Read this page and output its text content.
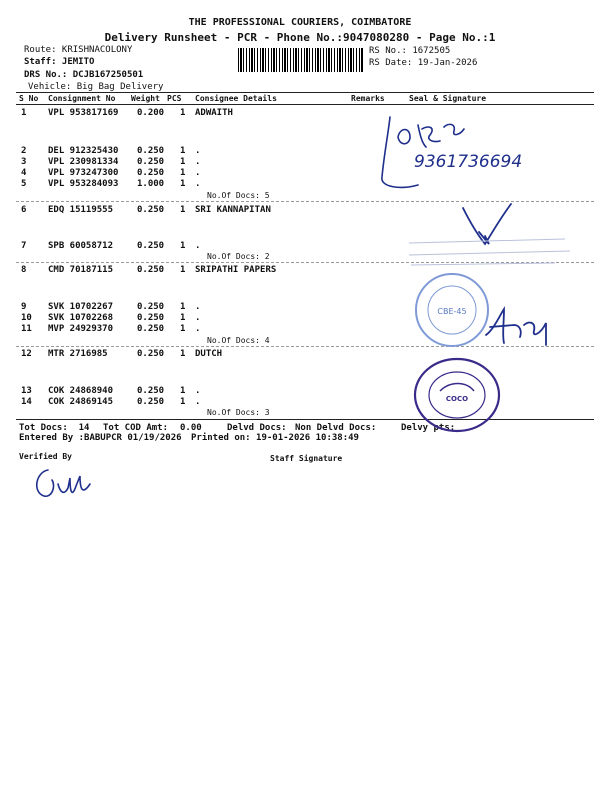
THE PROFESSIONAL COURIERS, COIMBATORE
Delivery Runsheet - PCR - Phone No.:9047080280 - Page No.:1
Route: KRISHNACOLONY
Staff: JEMITO
DRS No.: DCJB167250501
Vehicle: Big Bag Delivery
RS No.: 1672505
RS Date: 19-Jan-2026
S No Consignment No Weight PCS Consignee Details	Remarks	Seal & Signature
1 VPL 953817169 0.200 1 ADWAITH
2 DEL 912325430 0.250 1 .
3 VPL 230981334 0.250 1 .
4 VPL 973247300 0.250 1 .
5 VPL 953284093 1.000 1 .
No.Of Docs: 5
6 EDQ 15119555	0.250 1 SRI KANNAPITAN
7 SPB 60058712	0.250 1 .
No.Of Docs: 2
8 CMD 70187115	0.250 1 SRIPATHI PAPERS
9 SVK 10702267	0.250 1 .
10 SVK 10702268	0.250 1 .
11 MVP 24929370	0.250 1 .
No.Of Docs: 4
12 MTR 2716985	0.250 1 DUTCH
13 COK 24868940	0.250 1 .
14 COK 24869145	0.250 1 .
No.Of Docs: 3
Tot Docs:  14 Tot COD Amt: 0.00	Delvd Docs: Non Delvd Docs:	Delvy pts:
Entered By :BABUPCR 01/19/2026 Printed on: 19-01-2026 10:38:49
Verified By	Staff Signature
9361736694
CBE-45
COCO
